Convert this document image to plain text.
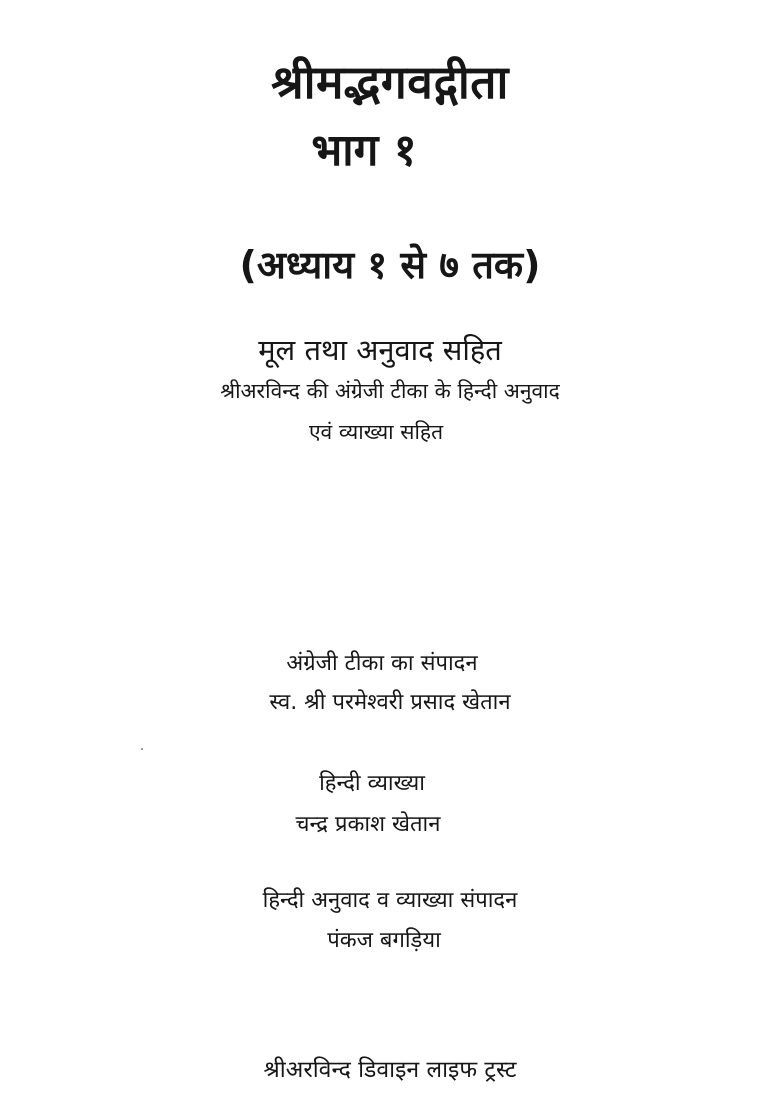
श्रीमद्भगवद्गीता
भाग १
(अध्याय १ से ७ तक)
मूल तथा अनुवाद सहित
श्रीअरविन्द की अंग्रेजी टीका के हिन्दी अनुवाद
एवं व्याख्या सहित
अंग्रेजी टीका का संपादन
स्व. श्री परमेश्वरी प्रसाद खेतान
हिन्दी व्याख्या
चन्द्र प्रकाश खेतान
हिन्दी अनुवाद व व्याख्या संपादन
पंकज बगड़िया
श्रीअरविन्द डिवाइन लाइफ ट्रस्ट
